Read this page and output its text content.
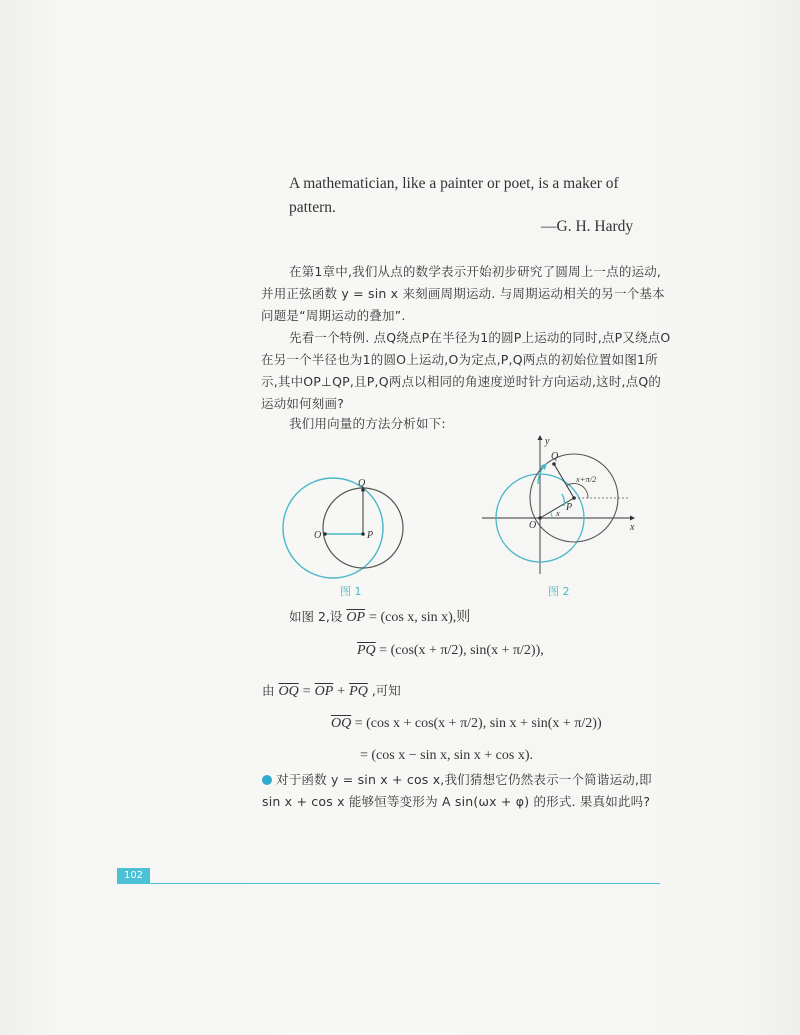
A mathematician, like a painter or poet, is a maker of pattern.
—G. H. Hardy
在第1章中,我们从点的数学表示开始初步研究了圆周上一点的运动,并用正弦函数 y = sin x 来刻画周期运动. 与周期运动相关的另一个基本问题是“周期运动的叠加”.
先看一个特例. 点Q绕点P在半径为1的圆P上运动的同时,点P又绕点O在另一个半径也为1的圆O上运动,O为定点,P,Q两点的初始位置如图1所示,其中OP⊥QP,且P,Q两点以相同的角速度逆时针方向运动,这时,点Q的运动如何刻画?
我们用向量的方法分析如下:
O	P
Q
图 1
O
P
Q
x
y
x
x+π/2
图 2
如图 2,设 $\overline{OP} = (\cos$ x, sin x),则
$\overline{PQ} = (\cos(x + \pi/2)$, sin(x + π/2)),
由 $\overline{OQ} = \overline{OP} + \overline{PQ}$ ,可知
$\overline{OQ} = (\cos$ x + cos(x + π/2), sin x + sin(x + π/2))
= (cos x − sin x, sin x + cos x).
对于函数 y = sin x + cos x,我们猜想它仍然表示一个简谐运动,即 sin x + cos x 能够恒等变形为 A sin(ωx + φ) 的形式. 果真如此吗?
102
